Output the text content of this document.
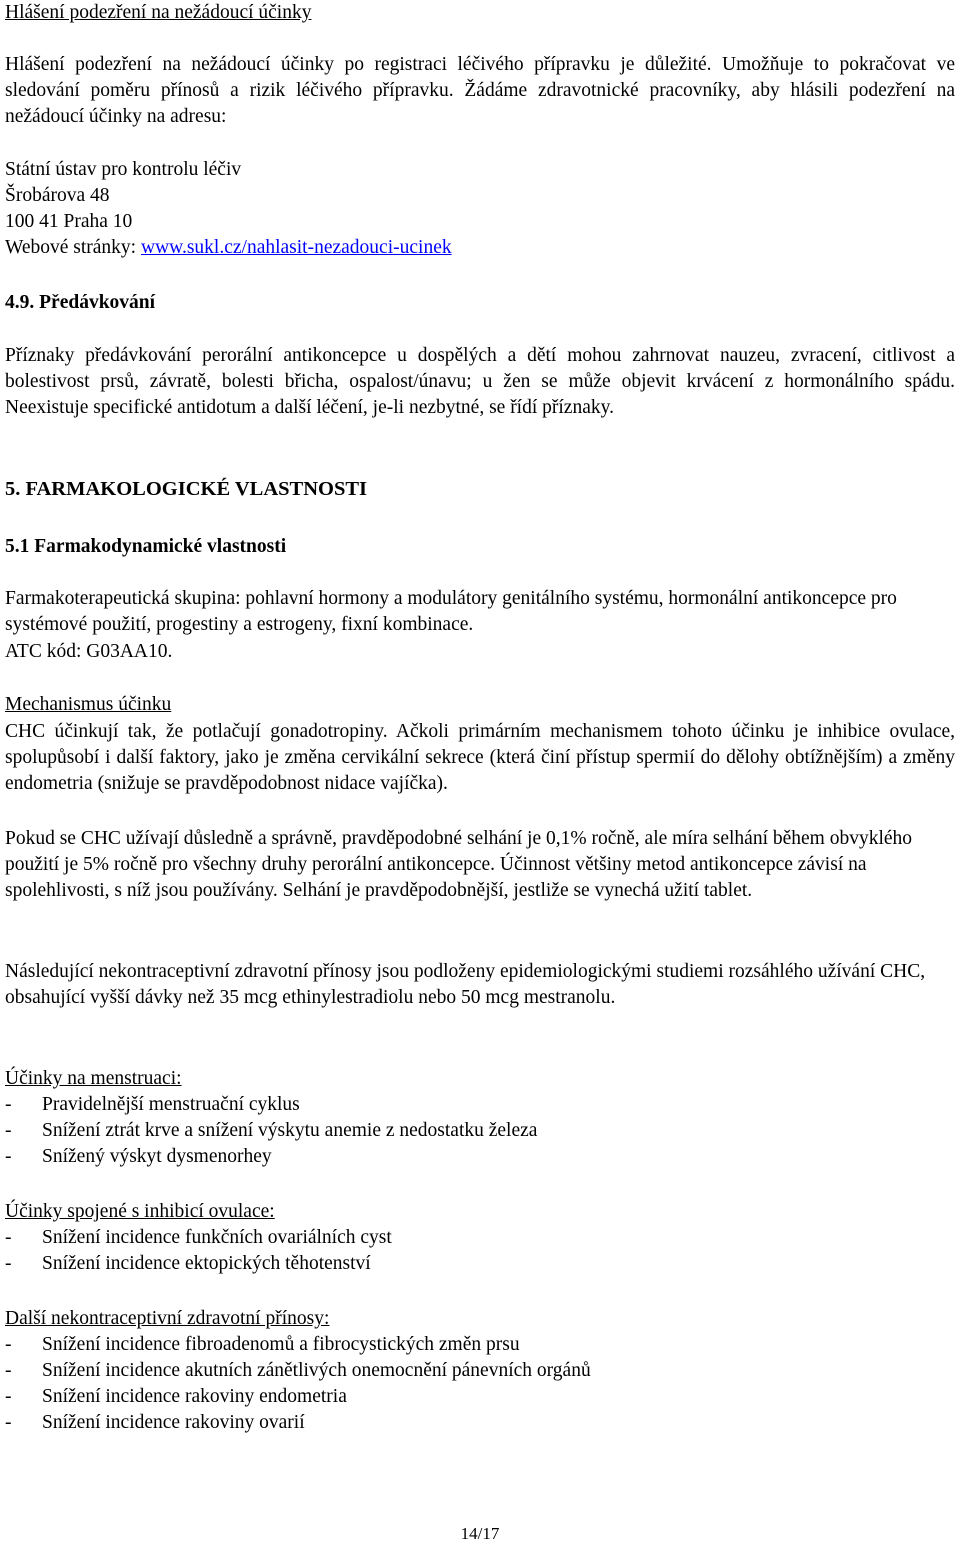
Hlášení podezření na nežádoucí účinky

Hlášení podezření na nežádoucí účinky po registraci léčivého přípravku je důležité. Umožňuje to pokračovat ve sledování poměru přínosů a rizik léčivého přípravku. Žádáme zdravotnické pracovníky, aby hlásili podezření na nežádoucí účinky na adresu:

Státní ústav pro kontrolu léčiv

Šrobárova 48

100 41 Praha 10

Webové stránky: www.sukl.cz/nahlasit-nezadouci-ucinek

4.9. Předávkování

Příznaky předávkování perorální antikoncepce u dospělých a dětí mohou zahrnovat nauzeu, zvracení, citlivost a bolestivost prsů, závratě, bolesti břicha, ospalost/únavu; u žen se může objevit krvácení z hormonálního spádu. Neexistuje specifické antidotum a další léčení, je-li nezbytné, se řídí příznaky.

5. FARMAKOLOGICKÉ VLASTNOSTI

5.1 Farmakodynamické vlastnosti

Farmakoterapeutická skupina: pohlavní hormony a modulátory genitálního systému, hormonální antikoncepce pro systémové použití, progestiny a estrogeny, fixní kombinace.

ATC kód: G03AA10.

Mechanismus účinku

CHC účinkují tak, že potlačují gonadotropiny. Ačkoli primárním mechanismem tohoto účinku je inhibice ovulace, spolupůsobí i další faktory, jako je změna cervikální sekrece (která činí přístup spermií do dělohy obtížnějším) a změny endometria (snižuje se pravděpodobnost nidace vajíčka).

Pokud se CHC užívají důsledně a správně, pravděpodobné selhání je 0,1% ročně, ale míra selhání během obvyklého použití je 5% ročně pro všechny druhy perorální antikoncepce. Účinnost většiny metod antikoncepce závisí na spolehlivosti, s níž jsou používány. Selhání je pravděpodobnější, jestliže se vynechá užití tablet.

Následující nekontraceptivní zdravotní přínosy jsou podloženy epidemiologickými studiemi rozsáhlého užívání CHC, obsahující vyšší dávky než 35 mcg ethinylestradiolu nebo 50 mcg mestranolu.

Účinky na menstruaci:

-	Pravidelnější menstruační cyklus
-	Snížení ztrát krve a snížení výskytu anemie z nedostatku železa
-	Snížený výskyt dysmenorhey

Účinky spojené s inhibicí ovulace:

-	Snížení incidence funkčních ovariálních cyst
-	Snížení incidence ektopických těhotenství

Další nekontraceptivní zdravotní přínosy:

-	Snížení incidence fibroadenomů a fibrocystických změn prsu
-	Snížení incidence akutních zánětlivých onemocnění pánevních orgánů
-	Snížení incidence rakoviny endometria
-	Snížení incidence rakoviny ovarií
14/17
